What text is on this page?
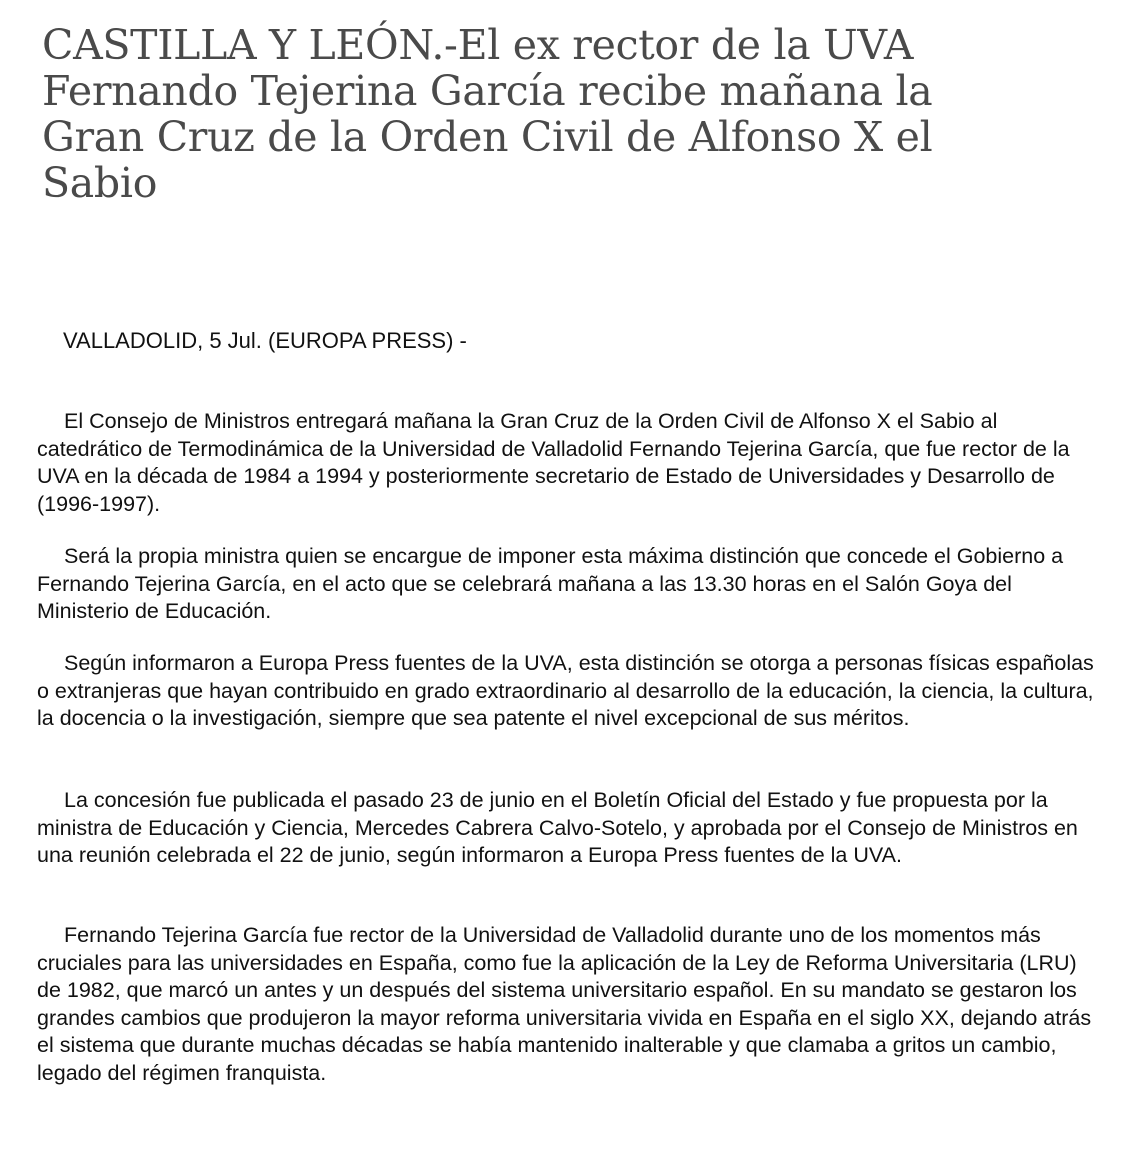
CASTILLA Y LEÓN.-El ex rector de la UVA Fernando Tejerina García recibe mañana la Gran Cruz de la Orden Civil de Alfonso X el Sabio

VALLADOLID, 5 Jul. (EUROPA PRESS) -

El Consejo de Ministros entregará mañana la Gran Cruz de la Orden Civil de Alfonso X el Sabio al catedrático de Termodinámica de la Universidad de Valladolid Fernando Tejerina García, que fue rector de la UVA en la década de 1984 a 1994 y posteriormente secretario de Estado de Universidades y Desarrollo de (1996-1997).

Será la propia ministra quien se encargue de imponer esta máxima distinción que concede el Gobierno a Fernando Tejerina García, en el acto que se celebrará mañana a las 13.30 horas en el Salón Goya del Ministerio de Educación.

Según informaron a Europa Press fuentes de la UVA, esta distinción se otorga a personas físicas españolas o extranjeras que hayan contribuido en grado extraordinario al desarrollo de la educación, la ciencia, la cultura, la docencia o la investigación, siempre que sea patente el nivel excepcional de sus méritos.

La concesión fue publicada el pasado 23 de junio en el Boletín Oficial del Estado y fue propuesta por la ministra de Educación y Ciencia, Mercedes Cabrera Calvo-Sotelo, y aprobada por el Consejo de Ministros en una reunión celebrada el 22 de junio, según informaron a Europa Press fuentes de la UVA.

Fernando Tejerina García fue rector de la Universidad de Valladolid durante uno de los momentos más cruciales para las universidades en España, como fue la aplicación de la Ley de Reforma Universitaria (LRU) de 1982, que marcó un antes y un después del sistema universitario español. En su mandato se gestaron los grandes cambios que produjeron la mayor reforma universitaria vivida en España en el siglo XX, dejando atrás el sistema que durante muchas décadas se había mantenido inalterable y que clamaba a gritos un cambio, legado del régimen franquista.
